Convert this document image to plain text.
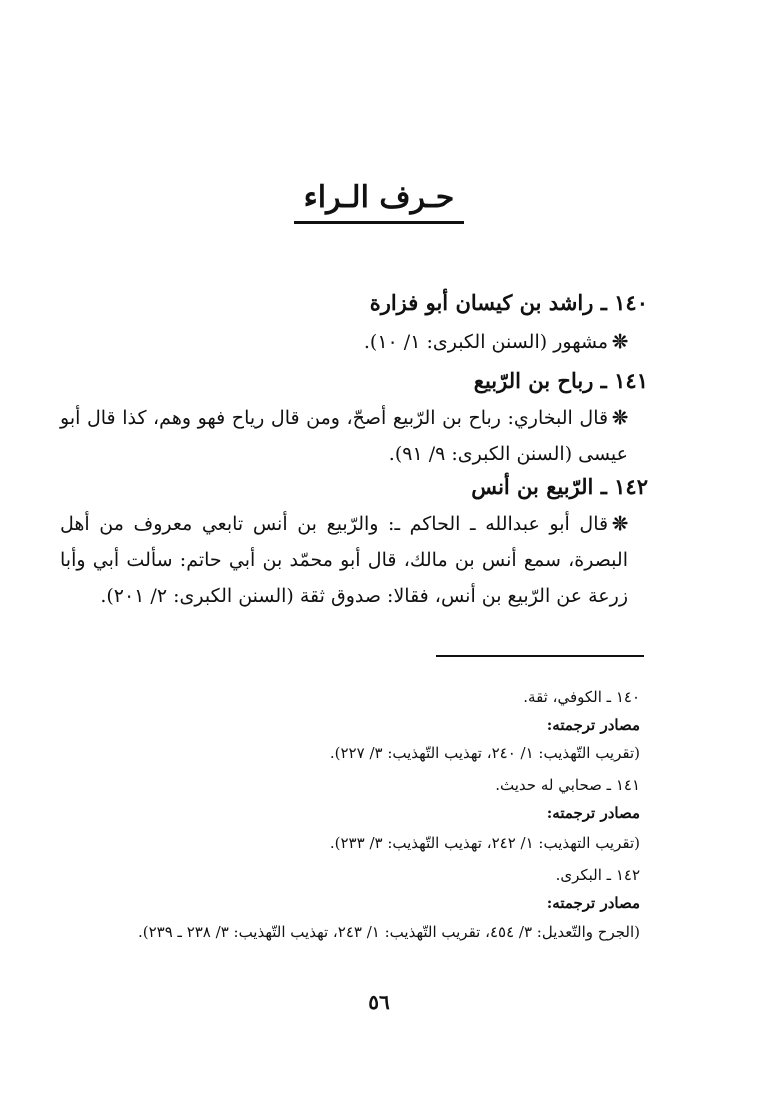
حـرف الـراء
١٤٠ ـ راشد بن كيسان أبو فزارة
❊مشهور (السنن الكبرى: ١/ ١٠).
١٤١ ـ رباح بن الرّبيع
❊قال البخاري: رباح بن الرّبيع أصحّ، ومن قال رياح فهو وهم، كذا قال أبو عيسى (السنن الكبرى: ٩/ ٩١).
١٤٢ ـ الرّبيع بن أنس
❊قال أبو عبدالله ـ الحاكم ـ: والرّبيع بن أنس تابعي معروف من أهل البصرة، سمع أنس بن مالك، قال أبو محمّد بن أبي حاتم: سألت أبي وأبا زرعة عن الرّبيع بن أنس، فقالا: صدوق ثقة (السنن الكبرى: ٢/ ٢٠١).
١٤٠ ـ الكوفي، ثقة.
مصادر ترجمته:
(تقريب التّهذيب: ١/ ٢٤٠، تهذيب التّهذيب: ٣/ ٢٢٧).
١٤١ ـ صحابي له حديث.
مصادر ترجمته:
(تقريب التهذيب: ١/ ٢٤٢، تهذيب التّهذيب: ٣/ ٢٣٣).
١٤٢ ـ البكرى.
مصادر ترجمته:
(الجرح والتّعديل: ٣/ ٤٥٤، تقريب التّهذيب: ١/ ٢٤٣، تهذيب التّهذيب: ٣/ ٢٣٨ ـ ٢٣٩).
٥٦
